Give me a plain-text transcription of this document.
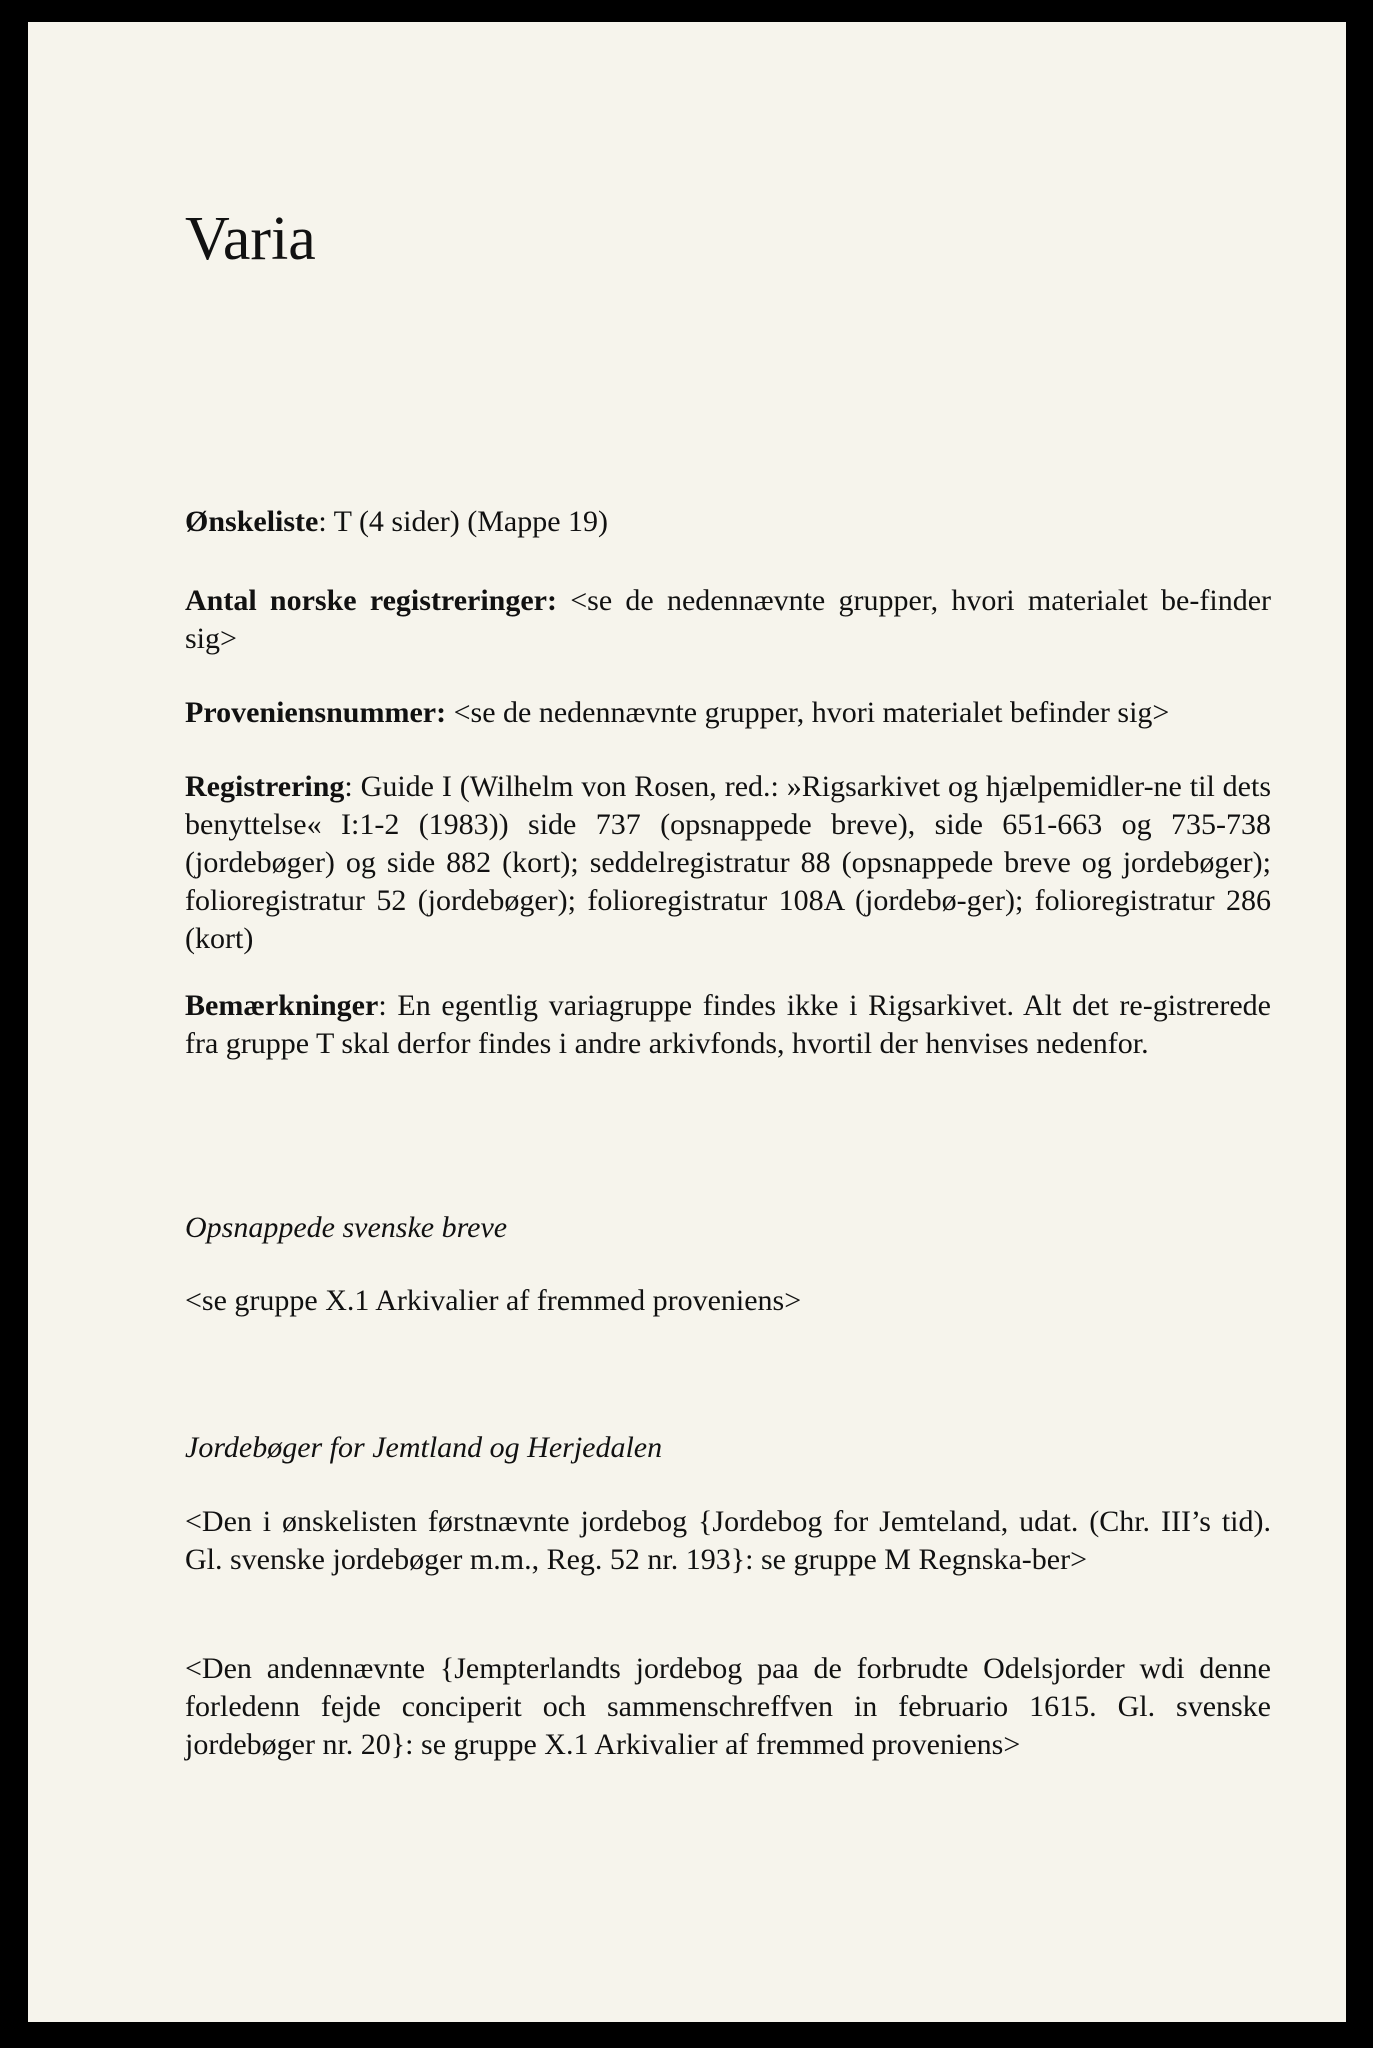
Varia

Ønskeliste: T (4 sider) (Mappe 19)

Antal norske registreringer: <se de nedennævnte grupper, hvori materialet be-finder sig>

Proveniensnummer: <se de nedennævnte grupper, hvori materialet befinder sig>

Registrering: Guide I (Wilhelm von Rosen, red.: »Rigsarkivet og hjælpemidler-ne til dets benyttelse« I:1-2 (1983)) side 737 (opsnappede breve), side 651-663 og 735-738 (jordebøger) og side 882 (kort); seddelregistratur 88 (opsnappede breve og jordebøger); folioregistratur 52 (jordebøger); folioregistratur 108A (jordebø-ger); folioregistratur 286 (kort)

Bemærkninger: En egentlig variagruppe findes ikke i Rigsarkivet. Alt det re-gistrerede fra gruppe T skal derfor findes i andre arkivfonds, hvortil der henvises nedenfor.

Opsnappede svenske breve

<se gruppe X.1 Arkivalier af fremmed proveniens>

Jordebøger for Jemtland og Herjedalen

<Den i ønskelisten førstnævnte jordebog {Jordebog for Jemteland, udat. (Chr. III’s tid). Gl. svenske jordebøger m.m., Reg. 52 nr. 193}: se gruppe M Regnska-ber>

<Den andennævnte {Jempterlandts jordebog paa de forbrudte Odelsjorder wdi denne forledenn fejde conciperit och sammenschreffven in februario 1615. Gl. svenske jordebøger nr. 20}: se gruppe X.1 Arkivalier af fremmed proveniens>
